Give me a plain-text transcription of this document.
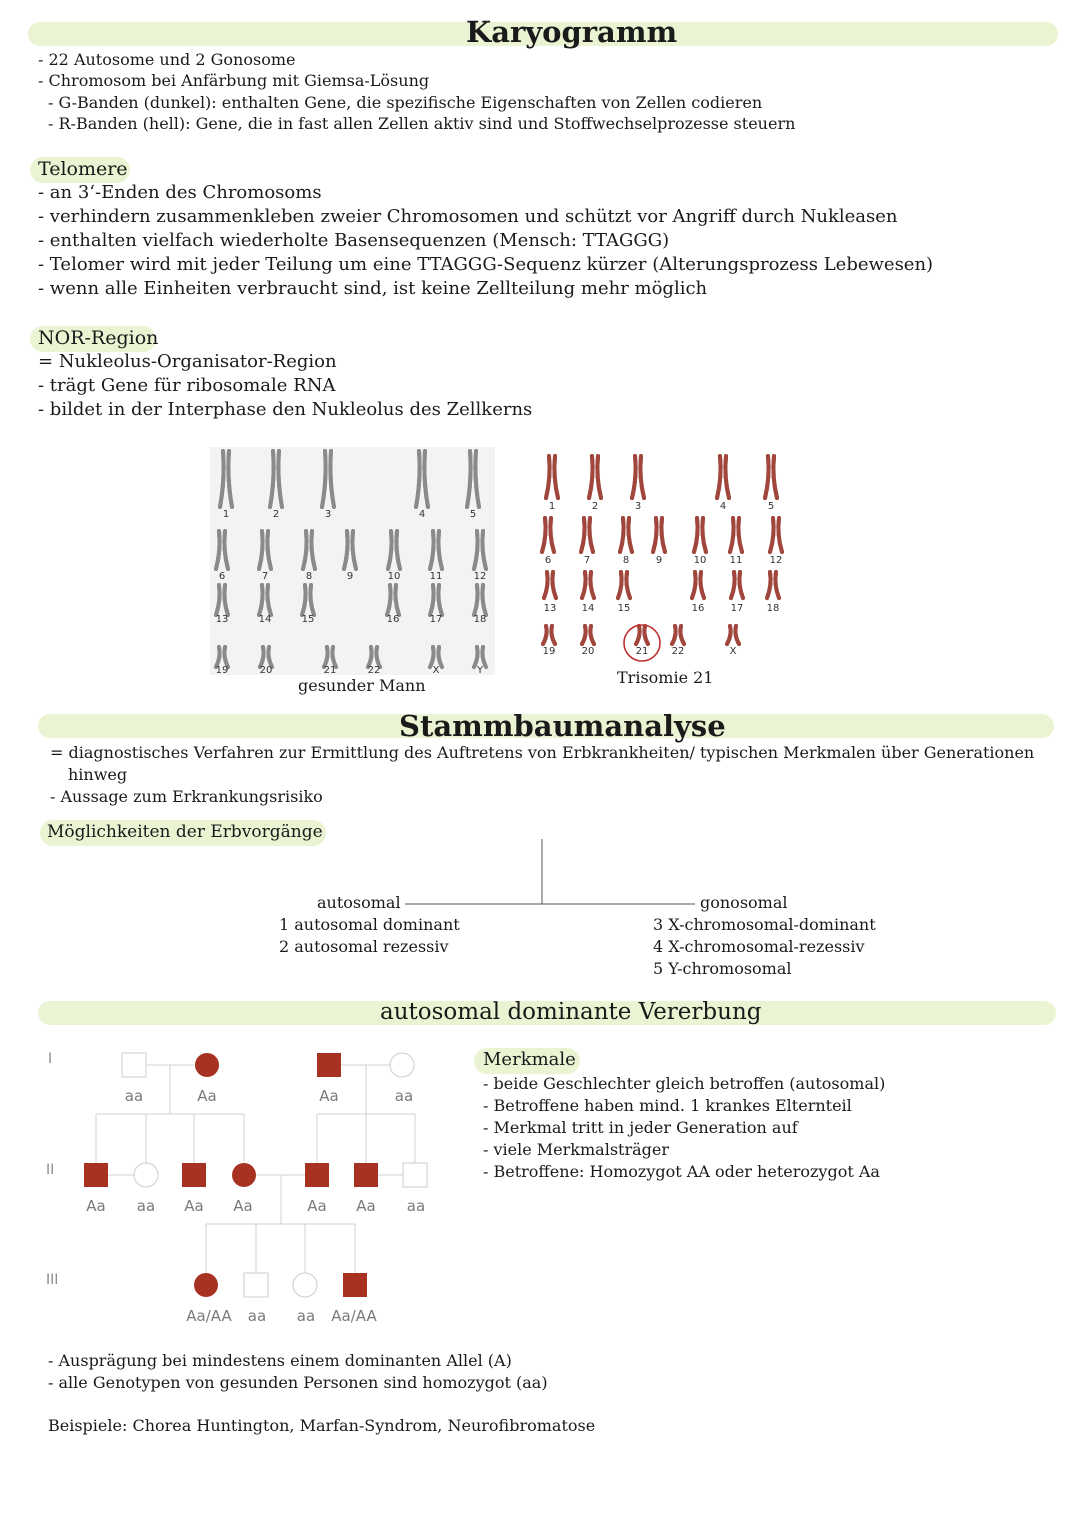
Karyogramm
- 22 Autosome und 2 Gonosome
- Chromosom bei Anfärbung mit Giemsa-Lösung
- G-Banden (dunkel): enthalten Gene, die spezifische Eigenschaften von Zellen codieren
- R-Banden (hell): Gene, die in fast allen Zellen aktiv sind und Stoffwechselprozesse steuern
Telomere
- an 3‘-Enden des Chromosoms
- verhindern zusammenkleben zweier Chromosomen und schützt vor Angriff durch Nukleasen
- enthalten vielfach wiederholte Basensequenzen (Mensch: TTAGGG)
- Telomer wird mit jeder Teilung um eine TTAGGG-Sequenz kürzer (Alterungsprozess Lebewesen)
- wenn alle Einheiten verbraucht sind, ist keine Zellteilung mehr möglich
NOR-Region
= Nukleolus-Organisator-Region
- trägt Gene für ribosomale RNA
- bildet in der Interphase den Nukleolus des Zellkerns
1	2	3	4	5
6	7	8	9	10	11	12
13	14	15	16	17	18
19	20	21	22	X	Y
gesunder Mann
1	2	3	4	5
6	7	8	9	10 11	12
13	14 15	16	17 18
19	20	21 22	X
Trisomie 21
Stammbaumanalyse
= diagnostisches Verfahren zur Ermittlung des Auftretens von Erbkrankheiten/ typischen Merkmalen über Generationen
hinweg
- Aussage zum Erkrankungsrisiko
Möglichkeiten der Erbvorgänge
autosomal
1 autosomal dominant
2 autosomal rezessiv
gonosomal
3 X-chromosomal-dominant
4 X-chromosomal-rezessiv
5 Y-chromosomal
autosomal dominante Vererbung
I
II
III
aa	Aa	Aa	aa
Aa aa Aa Aa	Aa Aa aa
Aa/AA aa aa Aa/AA
Merkmale
- beide Geschlechter gleich betroffen (autosomal)
- Betroffene haben mind. 1 krankes Elternteil
- Merkmal tritt in jeder Generation auf
- viele Merkmalsträger
- Betroffene: Homozygot AA oder heterozygot Aa
- Ausprägung bei mindestens einem dominanten Allel (A)
- alle Genotypen von gesunden Personen sind homozygot (aa)
Beispiele: Chorea Huntington, Marfan-Syndrom, Neurofibromatose
